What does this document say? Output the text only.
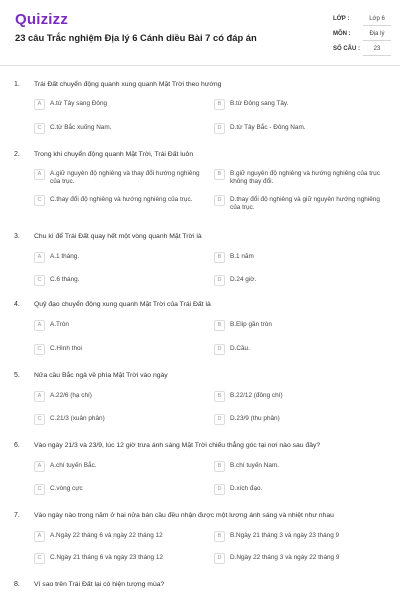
Quizizz
23 câu Trắc nghiệm Địa lý 6 Cánh diều Bài 7 có đáp án
LỚP :	Lớp 6
MÔN :	Địa lý
SỐ CÂU :	23
1. Trái Đất chuyển động quanh xung quanh Mặt Trời theo hướng
A	A.từ Tây sang Đông	B	B.từ Đông sang Tây.
C	C.từ Bắc xuống Nam.	D	D.từ Tây Bắc - Đông Nam.
2. Trong khi chuyển động quanh Mặt Trời, Trái Đất luôn
A	A.giữ nguyên độ nghiêng và thay đổi hướng nghiêng của trục.
B	B.giữ nguyên độ nghiêng và hướng nghiêng của trục không thay đổi.
C	C.thay đổi độ nghiêng và hướng nghiêng của trục.	D	D.thay đổi độ nghiêng và giữ nguyên hướng nghiêng của trục.
3. Chu kì để Trái Đất quay hết một vòng quanh Mặt Trời là
A	A.1 tháng.	B	B.1 năm
C	C.6 tháng.	D	D.24 giờ.
4. Quỹ đạo chuyển động xung quanh Mặt Trời của Trái Đất là
A	A.Tròn	B	B.Elip gần tròn
C	C.Hình thoi	D	D.Cầu.
5. Nửa cầu Bắc ngả về phía Mặt Trời vào ngày
A	A.22/6 (hạ chí)	B	B.22/12 (đông chí)
C	C.21/3 (xuân phân)	D	D.23/9 (thu phân)
6. Vào ngày 21/3 và 23/9, lúc 12 giờ trưa ánh sáng Mặt Trời chiếu thẳng góc tại nơi nào sau đây?
A	A.chí tuyến Bắc.	B	B.chí tuyến Nam.
C	C.vòng cực	D	D.xích đạo.
7. Vào ngày nào trong năm ở hai nửa bán cầu đều nhận được một lượng ánh sáng và nhiệt như nhau
A	A.Ngày 22 tháng 6 và ngày 22 tháng 12	B	B.Ngày 21 tháng 3 và ngày 23 tháng 9
C	C.Ngày 21 tháng 6 và ngày 23 tháng 12	D	D.Ngày 22 tháng 3 và ngày 22 tháng 9
8. Vì sao trên Trái Đất lại có hiện tượng mùa?
